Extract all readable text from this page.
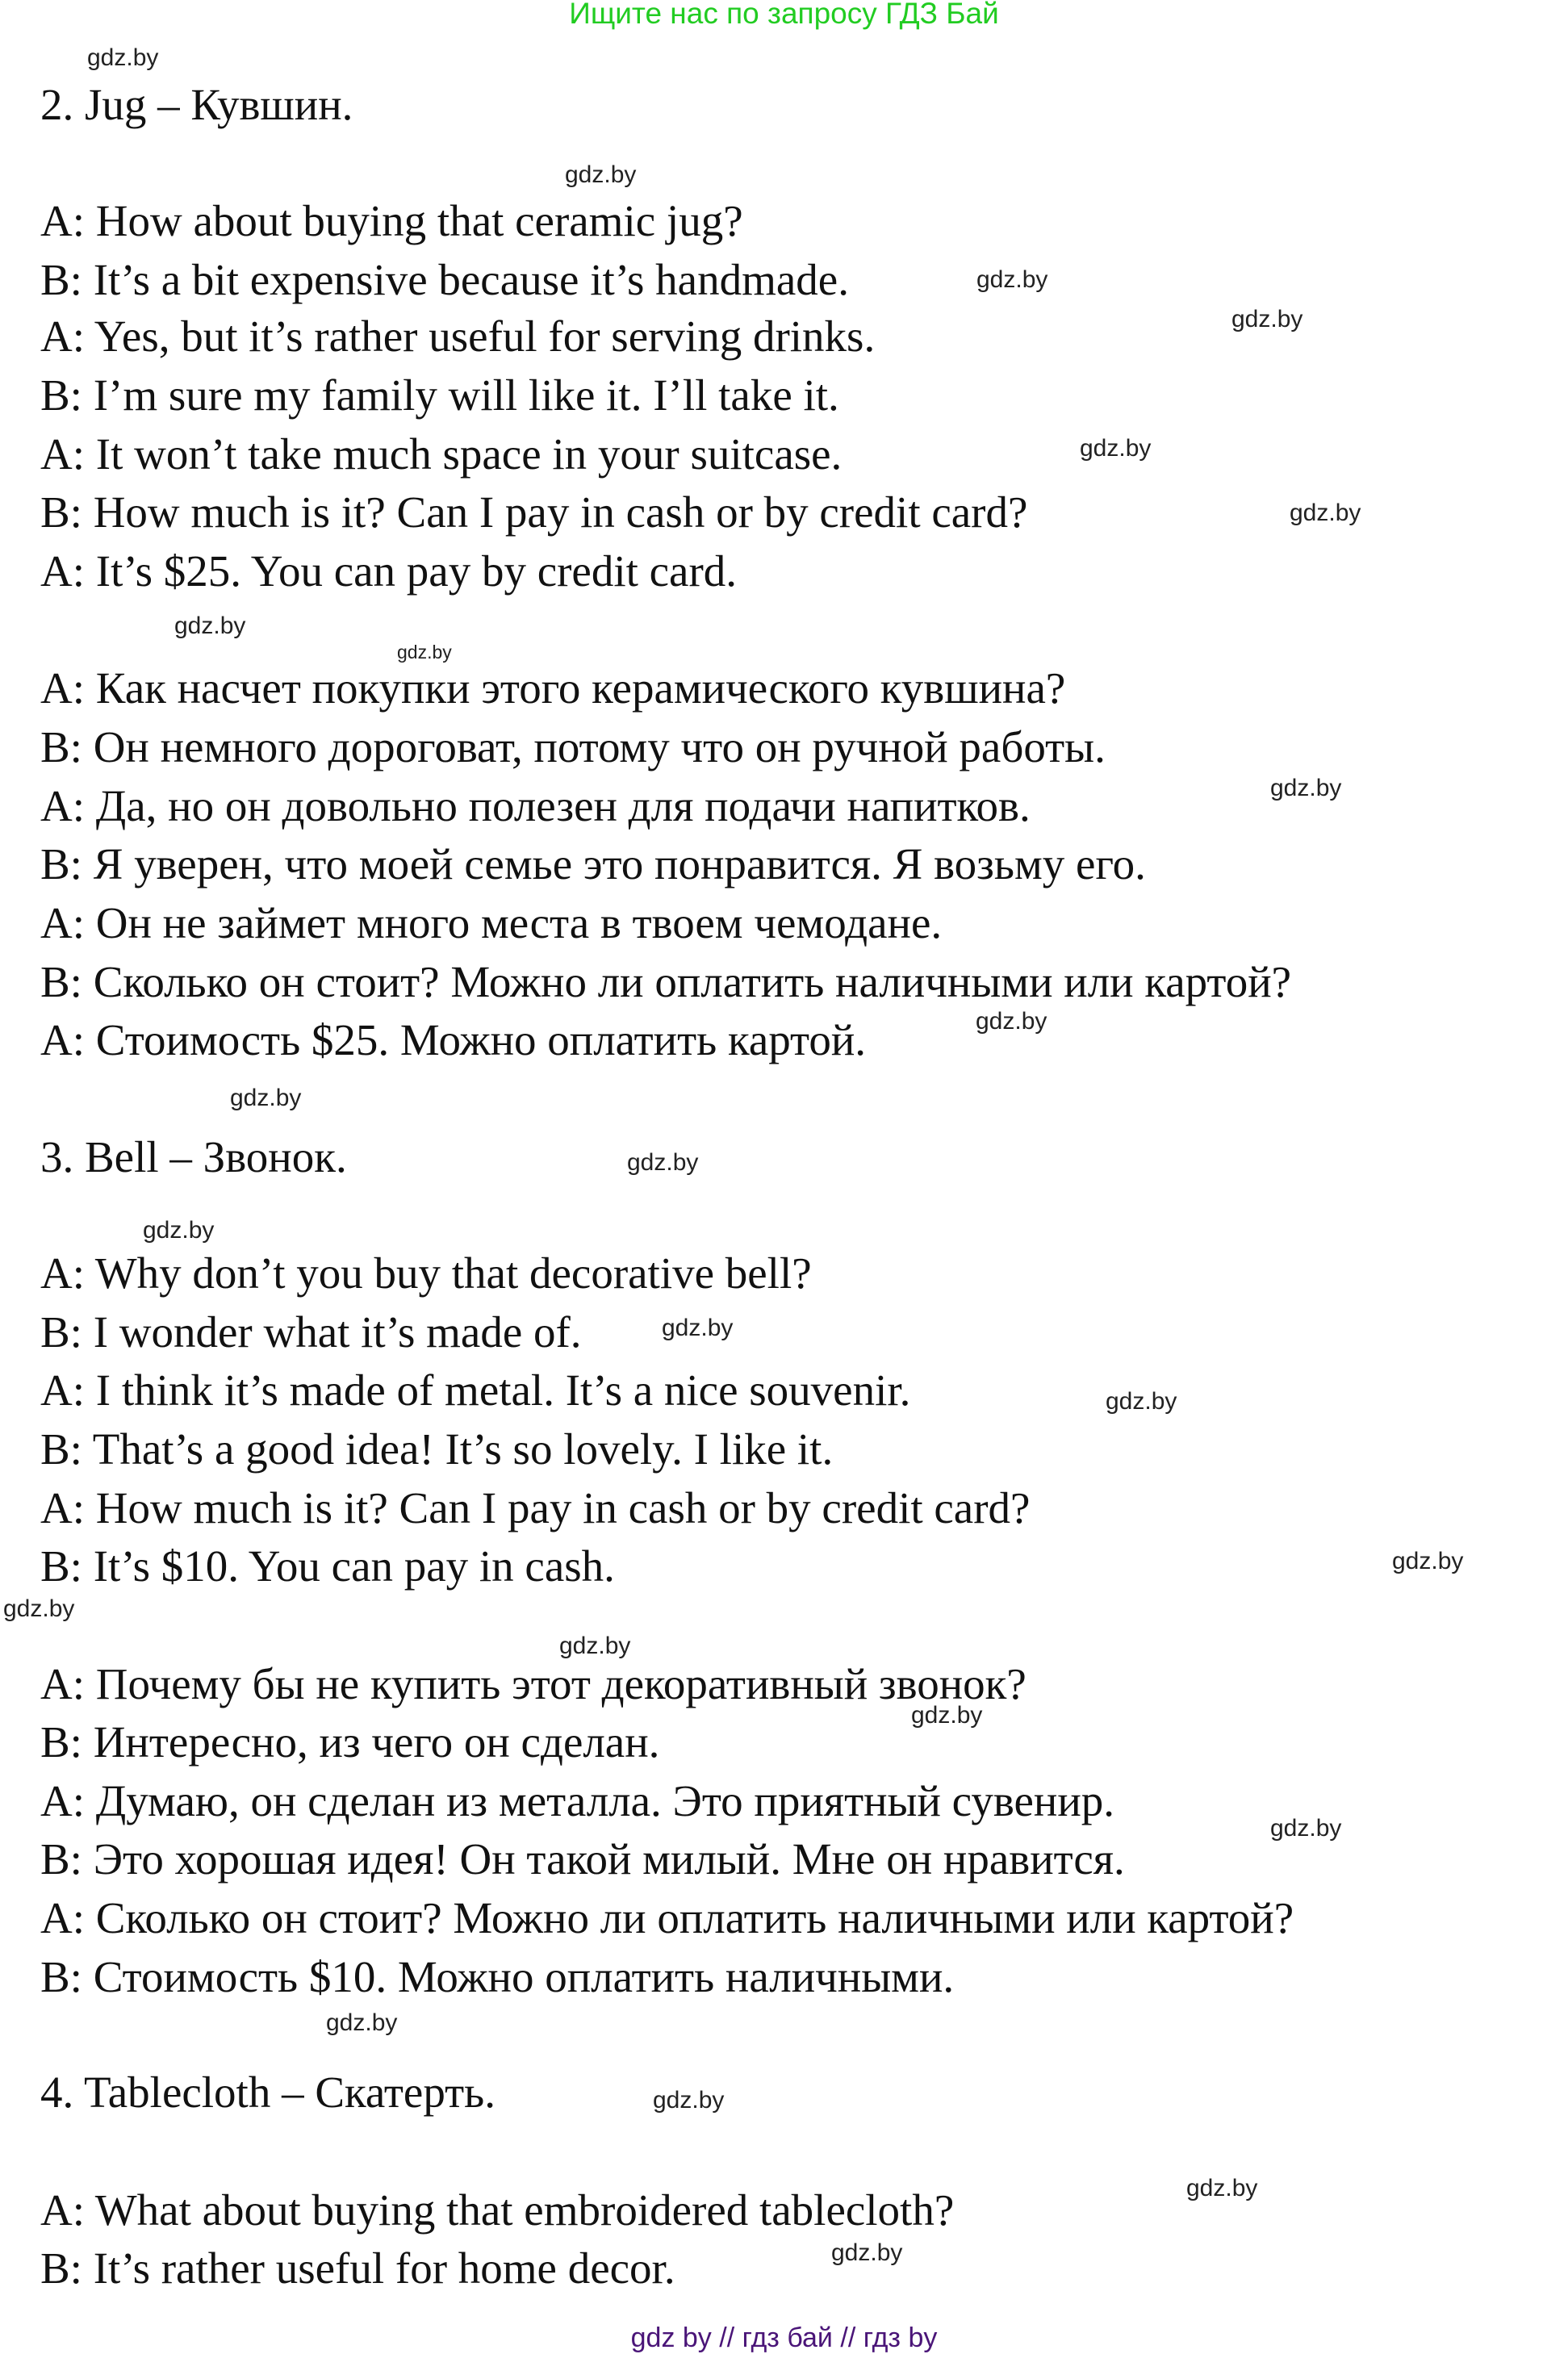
Ищите нас по запросу ГДЗ Бай
2. Jug – Кувшин.
A: How about buying that ceramic jug?
B: It’s a bit expensive because it’s handmade.
A: Yes, but it’s rather useful for serving drinks.
B: I’m sure my family will like it. I’ll take it.
A: It won’t take much space in your suitcase.
B: How much is it? Can I pay in cash or by credit card?
A: It’s $25. You can pay by credit card.
A: Как насчет покупки этого керамического кувшина?
B: Он немного дороговат, потому что он ручной работы.
A: Да, но он довольно полезен для подачи напитков.
B: Я уверен, что моей семье это понравится. Я возьму его.
A: Он не займет много места в твоем чемодане.
B: Сколько он стоит? Можно ли оплатить наличными или картой?
A: Стоимость $25. Можно оплатить картой.
3. Bell – Звонок.
A: Why don’t you buy that decorative bell?
B: I wonder what it’s made of.
A: I think it’s made of metal. It’s a nice souvenir.
B: That’s a good idea! It’s so lovely. I like it.
A: How much is it? Can I pay in cash or by credit card?
B: It’s $10. You can pay in cash.
A: Почему бы не купить этот декоративный звонок?
B: Интересно, из чего он сделан.
A: Думаю, он сделан из металла. Это приятный сувенир.
B: Это хорошая идея! Он такой милый. Мне он нравится.
A: Сколько он стоит? Можно ли оплатить наличными или картой?
B: Стоимость $10. Можно оплатить наличными.
4. Tablecloth – Скатерть.
A: What about buying that embroidered tablecloth?
B: It’s rather useful for home decor.
gdz.by
gdz.by
gdz.by
gdz.by
gdz.by
gdz.by
gdz.by
gdz.by
gdz.by
gdz.by
gdz.by
gdz.by
gdz.by
gdz.by
gdz.by
gdz.by
gdz.by
gdz.by
gdz.by
gdz.by
gdz.by
gdz.by
gdz.by
gdz.by
gdz by // гдз бай // гдз by
